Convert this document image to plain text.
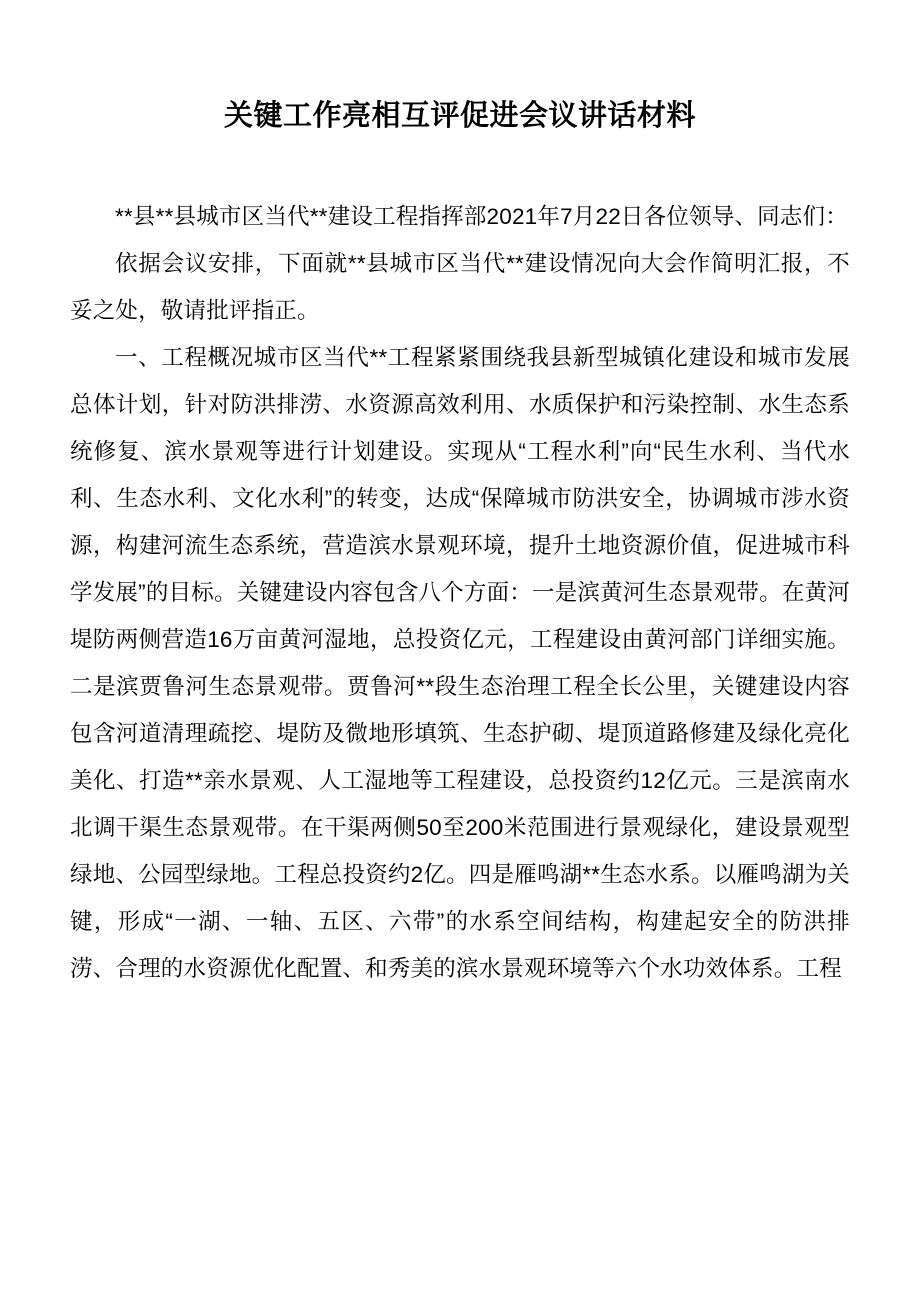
关键工作亮相互评促进会议讲话材料

**县**县城市区当代**建设工程指挥部2021年7月22日各位领导、同志们：

依据会议安排，下面就**县城市区当代**建设情况向大会作简明汇报，不妥之处，敬请批评指正。

一、工程概况城市区当代**工程紧紧围绕我县新型城镇化建设和城市发展总体计划，针对防洪排涝、水资源高效利用、水质保护和污染控制、水生态系统修复、滨水景观等进行计划建设。实现从“工程水利”向“民生水利、当代水利、生态水利、文化水利”的转变，达成“保障城市防洪安全，协调城市涉水资源，构建河流生态系统，营造滨水景观环境，提升土地资源价值，促进城市科学发展”的目标。关键建设内容包含八个方面：一是滨黄河生态景观带。在黄河堤防两侧营造16万亩黄河湿地，总投资亿元，工程建设由黄河部门详细实施。二是滨贾鲁河生态景观带。贾鲁河**段生态治理工程全长公里，关键建设内容包含河道清理疏挖、堤防及微地形填筑、生态护砌、堤顶道路修建及绿化亮化美化、打造**亲水景观、人工湿地等工程建设，总投资约12亿元。三是滨南水北调干渠生态景观带。在干渠两侧50至200米范围进行景观绿化，建设景观型绿地、公园型绿地。工程总投资约2亿。四是雁鸣湖**生态水系。以雁鸣湖为关键，形成“一湖、一轴、五区、六带”的水系空间结构，构建起安全的防洪排涝、合理的水资源优化配置、和秀美的滨水景观环境等六个水功效体系。工程
